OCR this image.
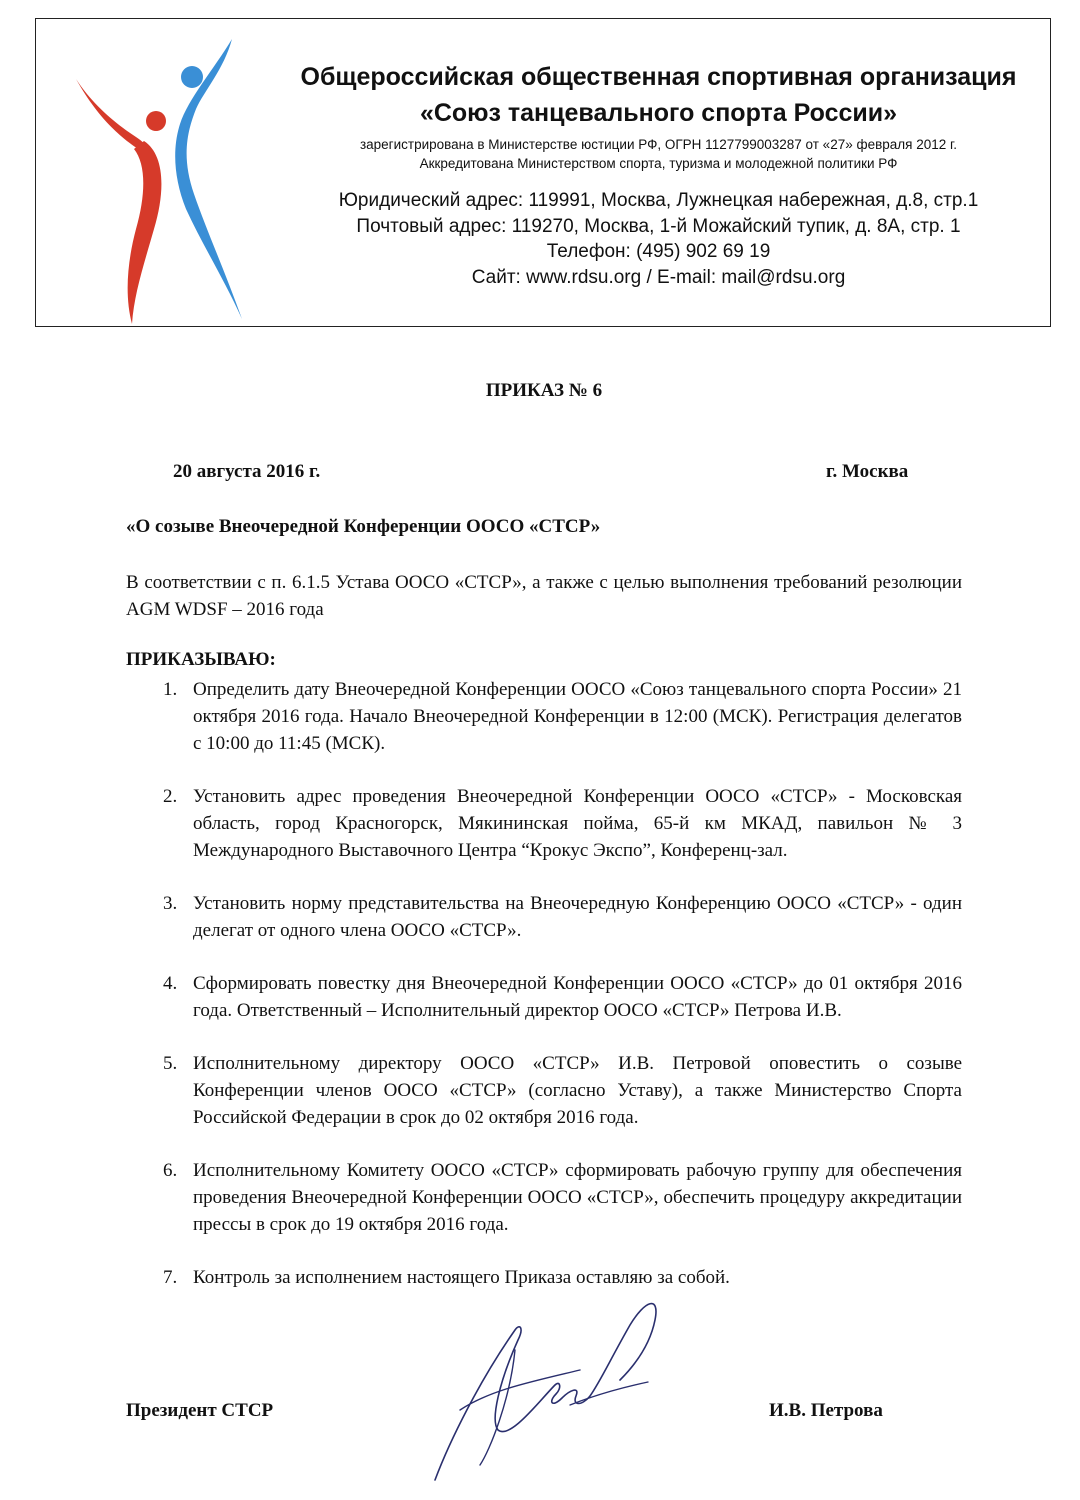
Общероссийская общественная спортивная организация

«Союз танцевального спорта России»

зарегистрирована в Министерстве юстиции РФ, ОГРН 1127799003287 от «27» февраля 2012 г.
Аккредитована Министерством спорта, туризма и молодежной политики РФ
Юридический адрес: 119991, Москва, Лужнецкая набережная, д.8, стр.1
Почтовый адрес: 119270, Москва, 1-й Можайский тупик, д. 8А, стр. 1
Телефон: (495) 902 69 19
Сайт: www.rdsu.org / E-mail: mail@rdsu.org
ПРИКАЗ № 6
20 августа 2016 г.	г. Москва
«О созыве Внеочередной Конференции ООСО «СТСР»
В соответствии с п. 6.1.5 Устава ООСО «СТСР», а также с целью выполнения требований резолюции AGM WDSF – 2016 года
ПРИКАЗЫВАЮ:
1. Определить дату Внеочередной Конференции ООСО «Союз танцевального спорта России» 21 октября 2016 года. Начало Внеочередной Конференции в 12:00 (МСК). Регистрация делегатов с 10:00 до 11:45 (МСК).
2. Установить адрес проведения Внеочередной Конференции ООСО «СТСР» - Московская область, город Красногорск, Мякининская пойма, 65-й км МКАД, павильон № 3 Международного Выставочного Центра “Крокус Экспо”, Конференц-зал.
3. Установить норму представительства на Внеочередную Конференцию ООСО «СТСР» - один делегат от одного члена ООСО «СТСР».
4. Сформировать повестку дня Внеочередной Конференции ООСО «СТСР» до 01 октября 2016 года. Ответственный – Исполнительный директор ООСО «СТСР» Петрова И.В.
5. Исполнительному директору ООСО «СТСР» И.В. Петровой оповестить о созыве Конференции членов ООСО «СТСР» (согласно Уставу), а также Министерство Спорта Российской Федерации в срок до 02 октября 2016 года.
6. Исполнительному Комитету ООСО «СТСР» сформировать рабочую группу для обеспечения проведения Внеочередной Конференции ООСО «СТСР», обеспечить процедуру аккредитации прессы в срок до 19 октября 2016 года.
7. Контроль за исполнением настоящего Приказа оставляю за собой.
Президент СТСР	И.В. Петрова
